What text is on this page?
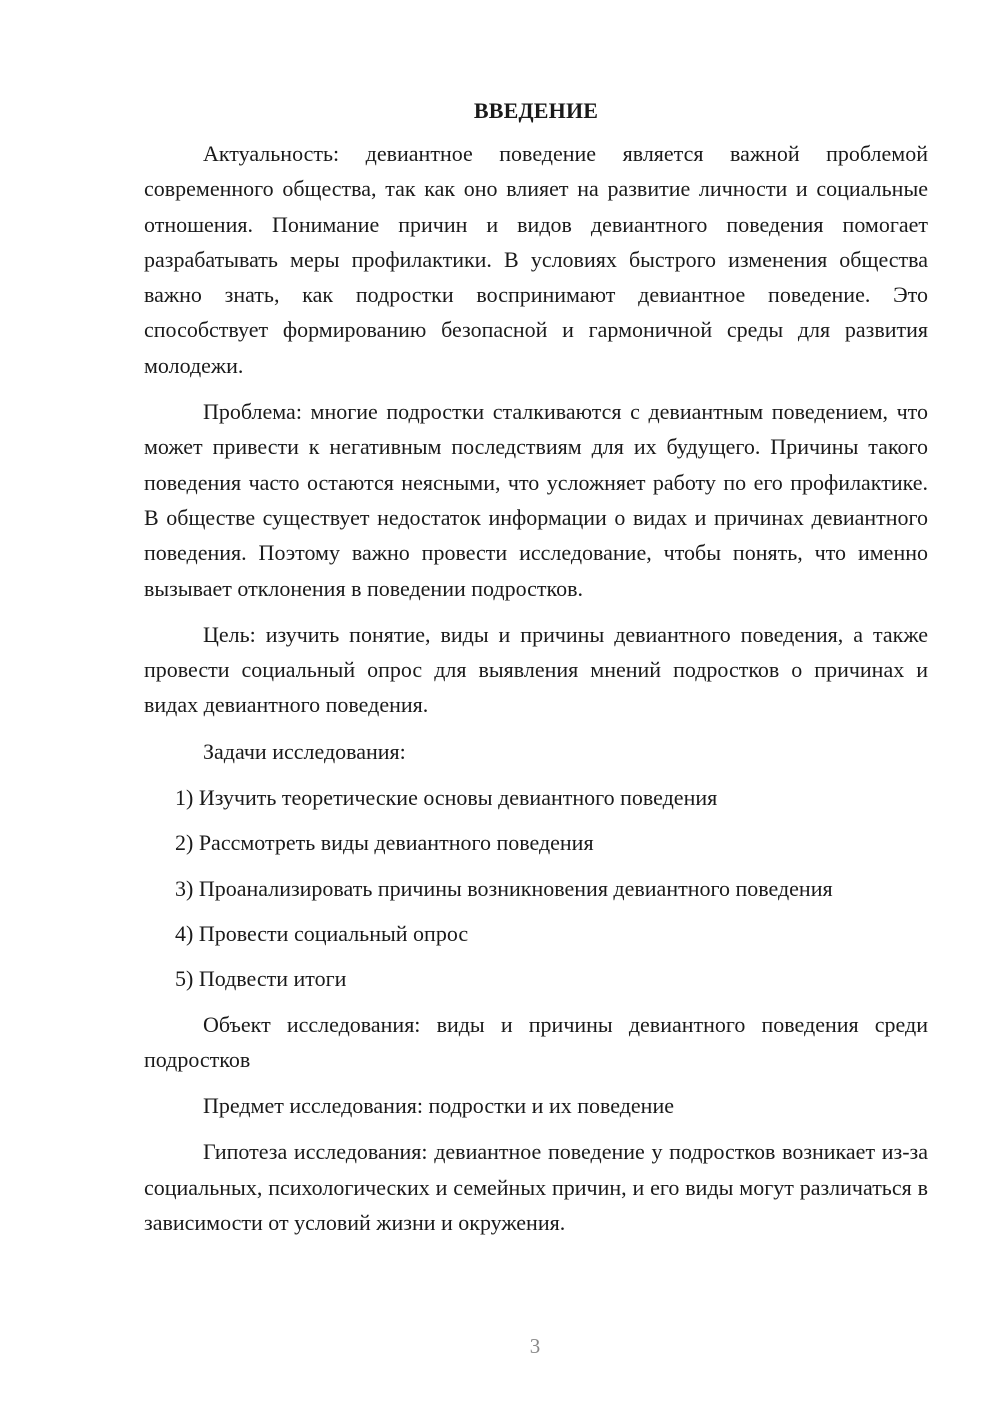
ВВЕДЕНИЕ

Актуальность: девиантное поведение является важной проблемой современного общества, так как оно влияет на развитие личности и социальные отношения. Понимание причин и видов девиантного поведения помогает разрабатывать меры профилактики. В условиях быстрого изменения общества важно знать, как подростки воспринимают девиантное поведение. Это способствует формированию безопасной и гармоничной среды для развития молодежи.

Проблема: многие подростки сталкиваются с девиантным поведением, что может привести к негативным последствиям для их будущего. Причины такого поведения часто остаются неясными, что усложняет работу по его профилактике. В обществе существует недостаток информации о видах и причинах девиантного поведения. Поэтому важно провести исследование, чтобы понять, что именно вызывает отклонения в поведении подростков.

Цель: изучить понятие, виды и причины девиантного поведения, а также провести социальный опрос для выявления мнений подростков о причинах и видах девиантного поведения.

Задачи исследования:

1) Изучить теоретические основы девиантного поведения
2) Рассмотреть виды девиантного поведения
3) Проанализировать причины возникновения девиантного поведения
4) Провести социальный опрос
5) Подвести итоги

Объект исследования: виды и причины девиантного поведения среди подростков

Предмет исследования: подростки и их поведение

Гипотеза исследования: девиантное поведение у подростков возникает из-за социальных, психологических и семейных причин, и его виды могут различаться в зависимости от условий жизни и окружения.

3
